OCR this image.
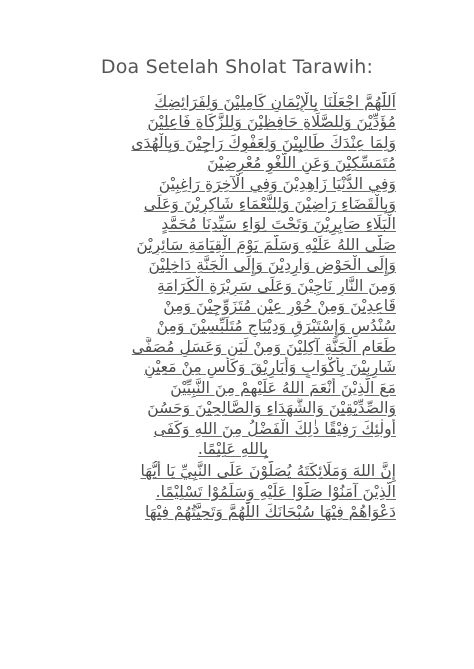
Doa Setelah Sholat Tarawih:
اَللّٰهُمَّ اجْعَلْنَا بِالْإِيْمَانِ كَامِلِيْنَ وَلِفَرَائِضِكَ
مُؤَدِّيْنَ وَلِلصَّلَاةِ حَافِظِيْنَ وَلِلزَّكَاةِ فَاعِلِيْنَ
وَلِمَا عِنْدَكَ طَالِبِيْنَ وَلِعَفْوِكَ رَاجِيْنَ وَبِالْهُدَى
مُتَمَسِّكِيْنَ وَعَنِ اللَّغْوِ مُعْرِضِيْنَ
وَفِي الدُّنْيَا زَاهِدِيْنَ وَفِي الْآخِرَةِ رَاغِبِيْنَ
وَبِالْقَضَاءِ رَاضِيْنَ وَلِلنَّعْمَاءِ شَاكِرِيْنَ وَعَلَى
الْبَلَاءِ صَابِرِيْنَ وَتَحْتَ لِوَاءِ سَيِّدِنَا مُحَمَّدٍ
صَلَّى اللهُ عَلَيْهِ وَسَلَّمَ يَوْمَ الْقِيَامَةِ سَائِرِيْنَ
وَإِلَى الْحَوْضِ وَارِدِيْنَ وَإِلَى الْجَنَّةِ دَاخِلِيْنَ
وَمِنَ النَّارِ نَاجِيْنَ وَعَلَى سَرِيْرَةِ الْكَرَامَةِ
قَاعِدِيْنَ وَمِنْ حُوْرٍ عِيْنٍ مُتَزَوِّجِيْنَ وَمِنْ
سُنْدُسٍ وَإِسْتَبْرَقٍ وَدِيْبَاجٍ مُتَلَبِّسِيْنَ وَمِنْ
طَعَامِ الْجَنَّةِ آكِلِيْنَ وَمِنْ لَبَنٍ وَعَسَلٍ مُصَفًّى
شَارِبِيْنَ بِأَكْوَابٍ وَأَبَارِيْقَ وَكَأْسٍ مِنْ مَعِيْنٍ
مَعَ الَّذِيْنَ أَنْعَمَ اللهُ عَلَيْهِمْ مِنَ النَّبِيِّيْنَ
وَالصِّدِّيْقِيْنَ وَالشُّهَدَاءِ وَالصَّالِحِيْنَ وَحَسُنَ
أُولٰئِكَ رَفِيْقًا ذٰلِكَ الْفَضْلُ مِنَ اللهِ وَكَفَى
بِاللهِ عَلِيْمًا.
إِنَّ اللهَ وَمَلَائِكَتَهُ يُصَلُّوْنَ عَلَى النَّبِيِّ يَا أَيُّهَا
الَّذِيْنَ آمَنُوْا صَلُّوْا عَلَيْهِ وَسَلِّمُوْا تَسْلِيْمًا.
دَعْوَاهُمْ فِيْهَا سُبْحَانَكَ اللّٰهُمَّ وَتَحِيَّتُهُمْ فِيْهَا
